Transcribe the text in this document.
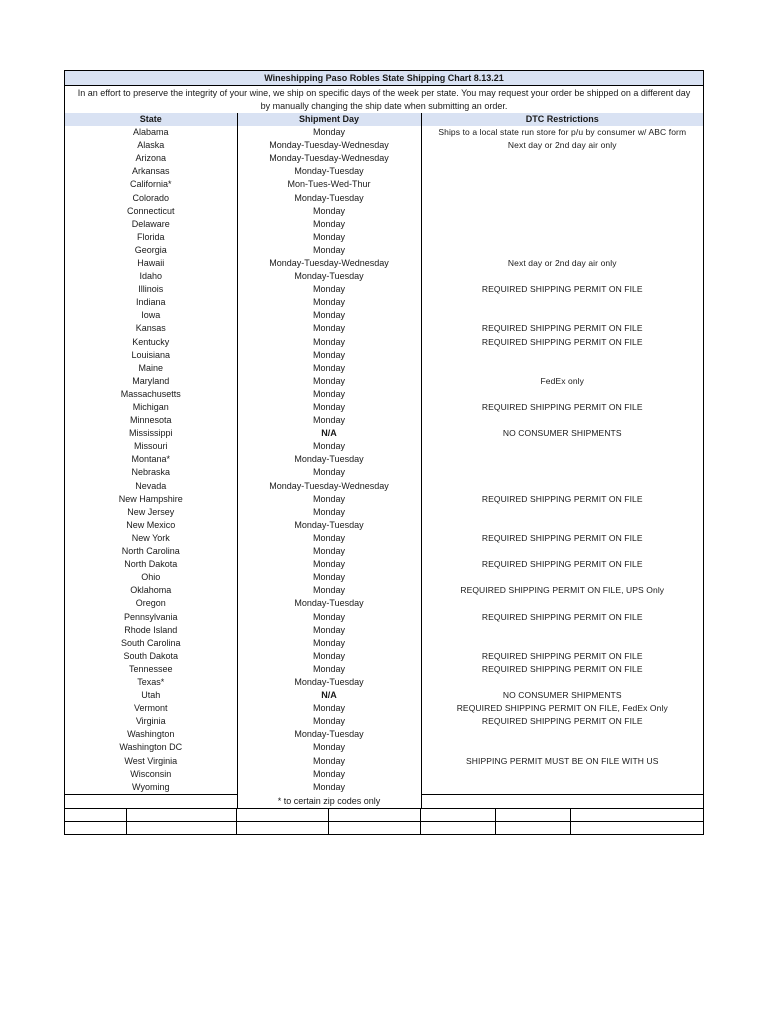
Wineshipping Paso Robles State Shipping Chart 8.13.21
In an effort to preserve the integrity of your wine, we ship on specific days of the week per state. You may request your order be shipped on a different day by manually changing the ship date when submitting an order.
State	Shipment Day	DTC Restrictions
Alabama	Monday	Ships to a local state run store for p/u by consumer w/ ABC form
Alaska	Monday-Tuesday-Wednesday	Next day or 2nd day air only
Arizona	Monday-Tuesday-Wednesday	
Arkansas	Monday-Tuesday	
California*	Mon-Tues-Wed-Thur	
Colorado	Monday-Tuesday	
Connecticut	Monday	
Delaware	Monday	
Florida	Monday	
Georgia	Monday	
Hawaii	Monday-Tuesday-Wednesday	Next day or 2nd day air only
Idaho	Monday-Tuesday	
Illinois	Monday	REQUIRED SHIPPING PERMIT ON FILE
Indiana	Monday	
Iowa	Monday	
Kansas	Monday	REQUIRED SHIPPING PERMIT ON FILE
Kentucky	Monday	REQUIRED SHIPPING PERMIT ON FILE
Louisiana	Monday	
Maine	Monday	
Maryland	Monday	FedEx only
Massachusetts	Monday	
Michigan	Monday	REQUIRED SHIPPING PERMIT ON FILE
Minnesota	Monday	
Mississippi	N/A	NO CONSUMER SHIPMENTS
Missouri	Monday	
Montana*	Monday-Tuesday	
Nebraska	Monday	
Nevada	Monday-Tuesday-Wednesday	
New Hampshire	Monday	REQUIRED SHIPPING PERMIT ON FILE
New Jersey	Monday	
New Mexico	Monday-Tuesday	
New York	Monday	REQUIRED SHIPPING PERMIT ON FILE
North Carolina	Monday	
North Dakota	Monday	REQUIRED SHIPPING PERMIT ON FILE
Ohio	Monday	
Oklahoma	Monday	REQUIRED SHIPPING PERMIT ON FILE, UPS Only
Oregon	Monday-Tuesday	
Pennsylvania	Monday	REQUIRED SHIPPING PERMIT ON FILE
Rhode Island	Monday	
South Carolina	Monday	
South Dakota	Monday	REQUIRED SHIPPING PERMIT ON FILE
Tennessee	Monday	REQUIRED SHIPPING PERMIT ON FILE
Texas*	Monday-Tuesday	
Utah	N/A	NO CONSUMER SHIPMENTS
Vermont	Monday	REQUIRED SHIPPING PERMIT ON FILE, FedEx Only
Virginia	Monday	REQUIRED SHIPPING PERMIT ON FILE
Washington	Monday-Tuesday	
Washington DC	Monday	
West Virginia	Monday	SHIPPING PERMIT MUST BE ON FILE WITH US
Wisconsin	Monday	
Wyoming	Monday	
	* to certain zip codes only	
